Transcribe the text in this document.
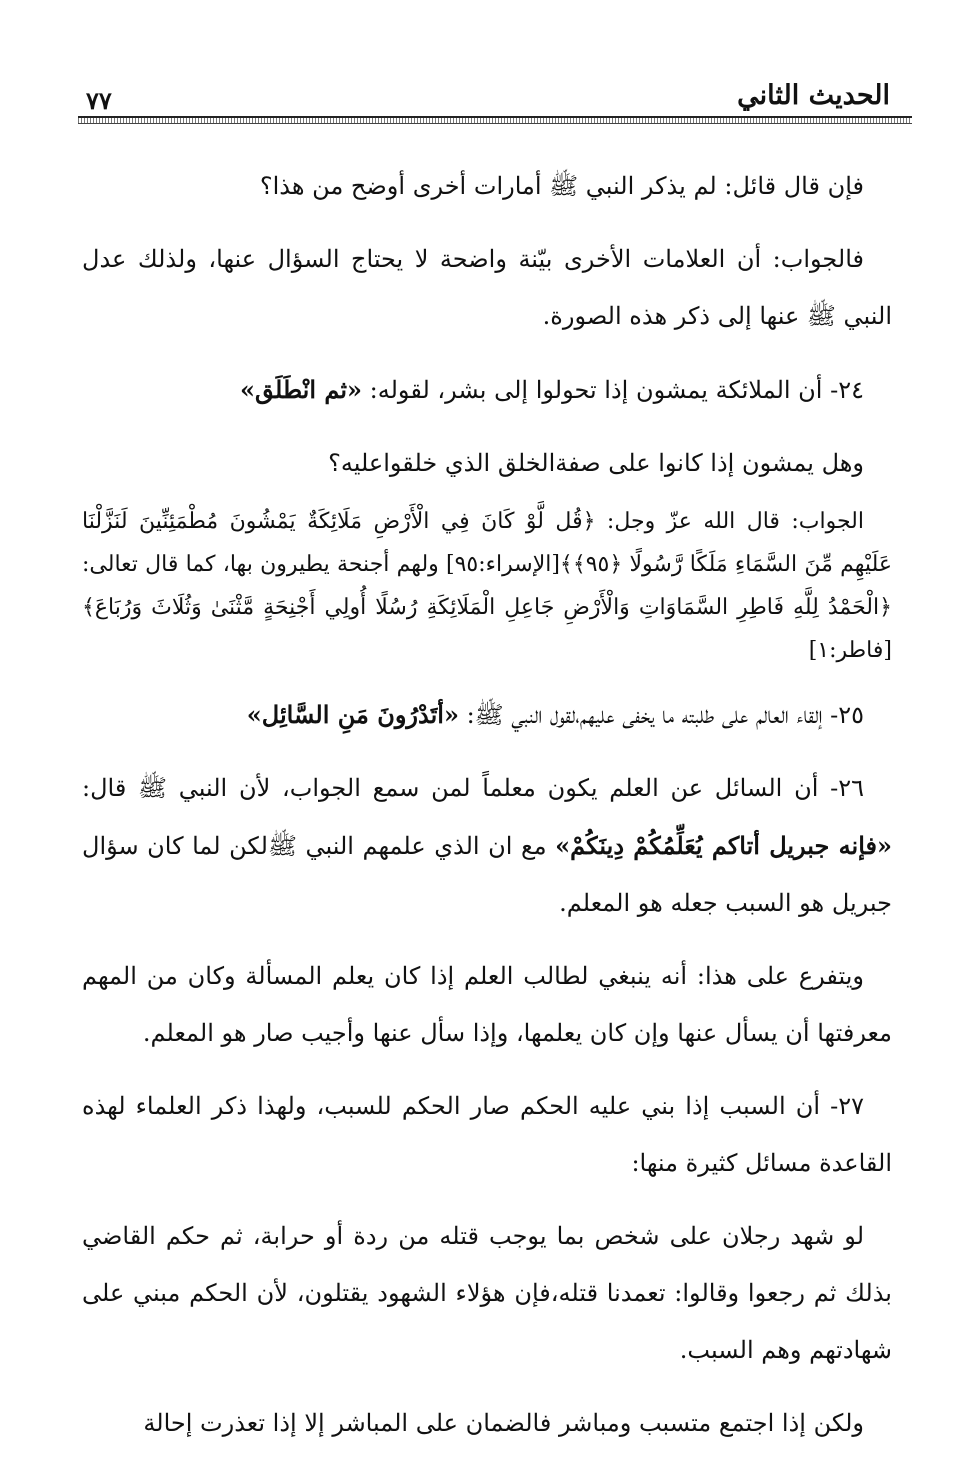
٧٧	الحديث الثاني

فإن قال قائل: لم يذكر النبي ﷺ أمارات أخرى أوضح من هذا؟

فالجواب: أن العلامات الأخرى بيّنة واضحة لا يحتاج السؤال عنها، ولذلك عدل النبي ﷺ عنها إلى ذكر هذه الصورة.

٢٤- أن الملائكة يمشون إذا تحولوا إلى بشر، لقوله: «ثم انْطَلَق»

وهل يمشون إذا كانوا على صفةالخلق الذي خلقواعليه؟

الجواب: قال الله عزّ وجل: ﴿قُل لَّوْ كَانَ فِي الْأَرْضِ مَلَائِكَةٌ يَمْشُونَ مُطْمَئِنِّينَ لَنَزَّلْنَا عَلَيْهِم مِّنَ السَّمَاءِ مَلَكًا رَّسُولًا ﴿٩٥﴾﴾[الإسراء:٩٥] ولهم أجنحة يطيرون بها، كما قال تعالى: ﴿الْحَمْدُ لِلَّهِ فَاطِرِ السَّمَاوَاتِ وَالْأَرْضِ جَاعِلِ الْمَلَائِكَةِ رُسُلًا أُولِي أَجْنِحَةٍ مَّثْنَىٰ وَثُلَاثَ وَرُبَاعَ﴾[فاطر:١]

٢٥- إلقاء العالم على طلبته ما يخفى عليهم،لقول النبي ﷺ: «أتَدْرُونَ مَنِ السَّائِل»

٢٦- أن السائل عن العلم يكون معلماً لمن سمع الجواب، لأن النبي ﷺ قال: «فإنه جبريل أتاكم يُعَلِّمُكُمْ دِينَكُمْ» مع ان الذي علمهم النبي ﷺلكن لما كان سؤال جبريل هو السبب جعله هو المعلم.

ويتفرع على هذا: أنه ينبغي لطالب العلم إذا كان يعلم المسألة وكان من المهم معرفتها أن يسأل عنها وإن كان يعلمها، وإذا سأل عنها وأجيب صار هو المعلم.

٢٧- أن السبب إذا بني عليه الحكم صار الحكم للسبب، ولهذا ذكر العلماء لهذه القاعدة مسائل كثيرة منها:

لو شهد رجلان على شخص بما يوجب قتله من ردة أو حرابة، ثم حكم القاضي بذلك ثم رجعوا وقالوا: تعمدنا قتله،فإن هؤلاء الشهود يقتلون، لأن الحكم مبني على شهادتهم وهم السبب.

ولكن إذا اجتمع متسبب ومباشر فالضمان على المباشر إلا إذا تعذرت إحالة
